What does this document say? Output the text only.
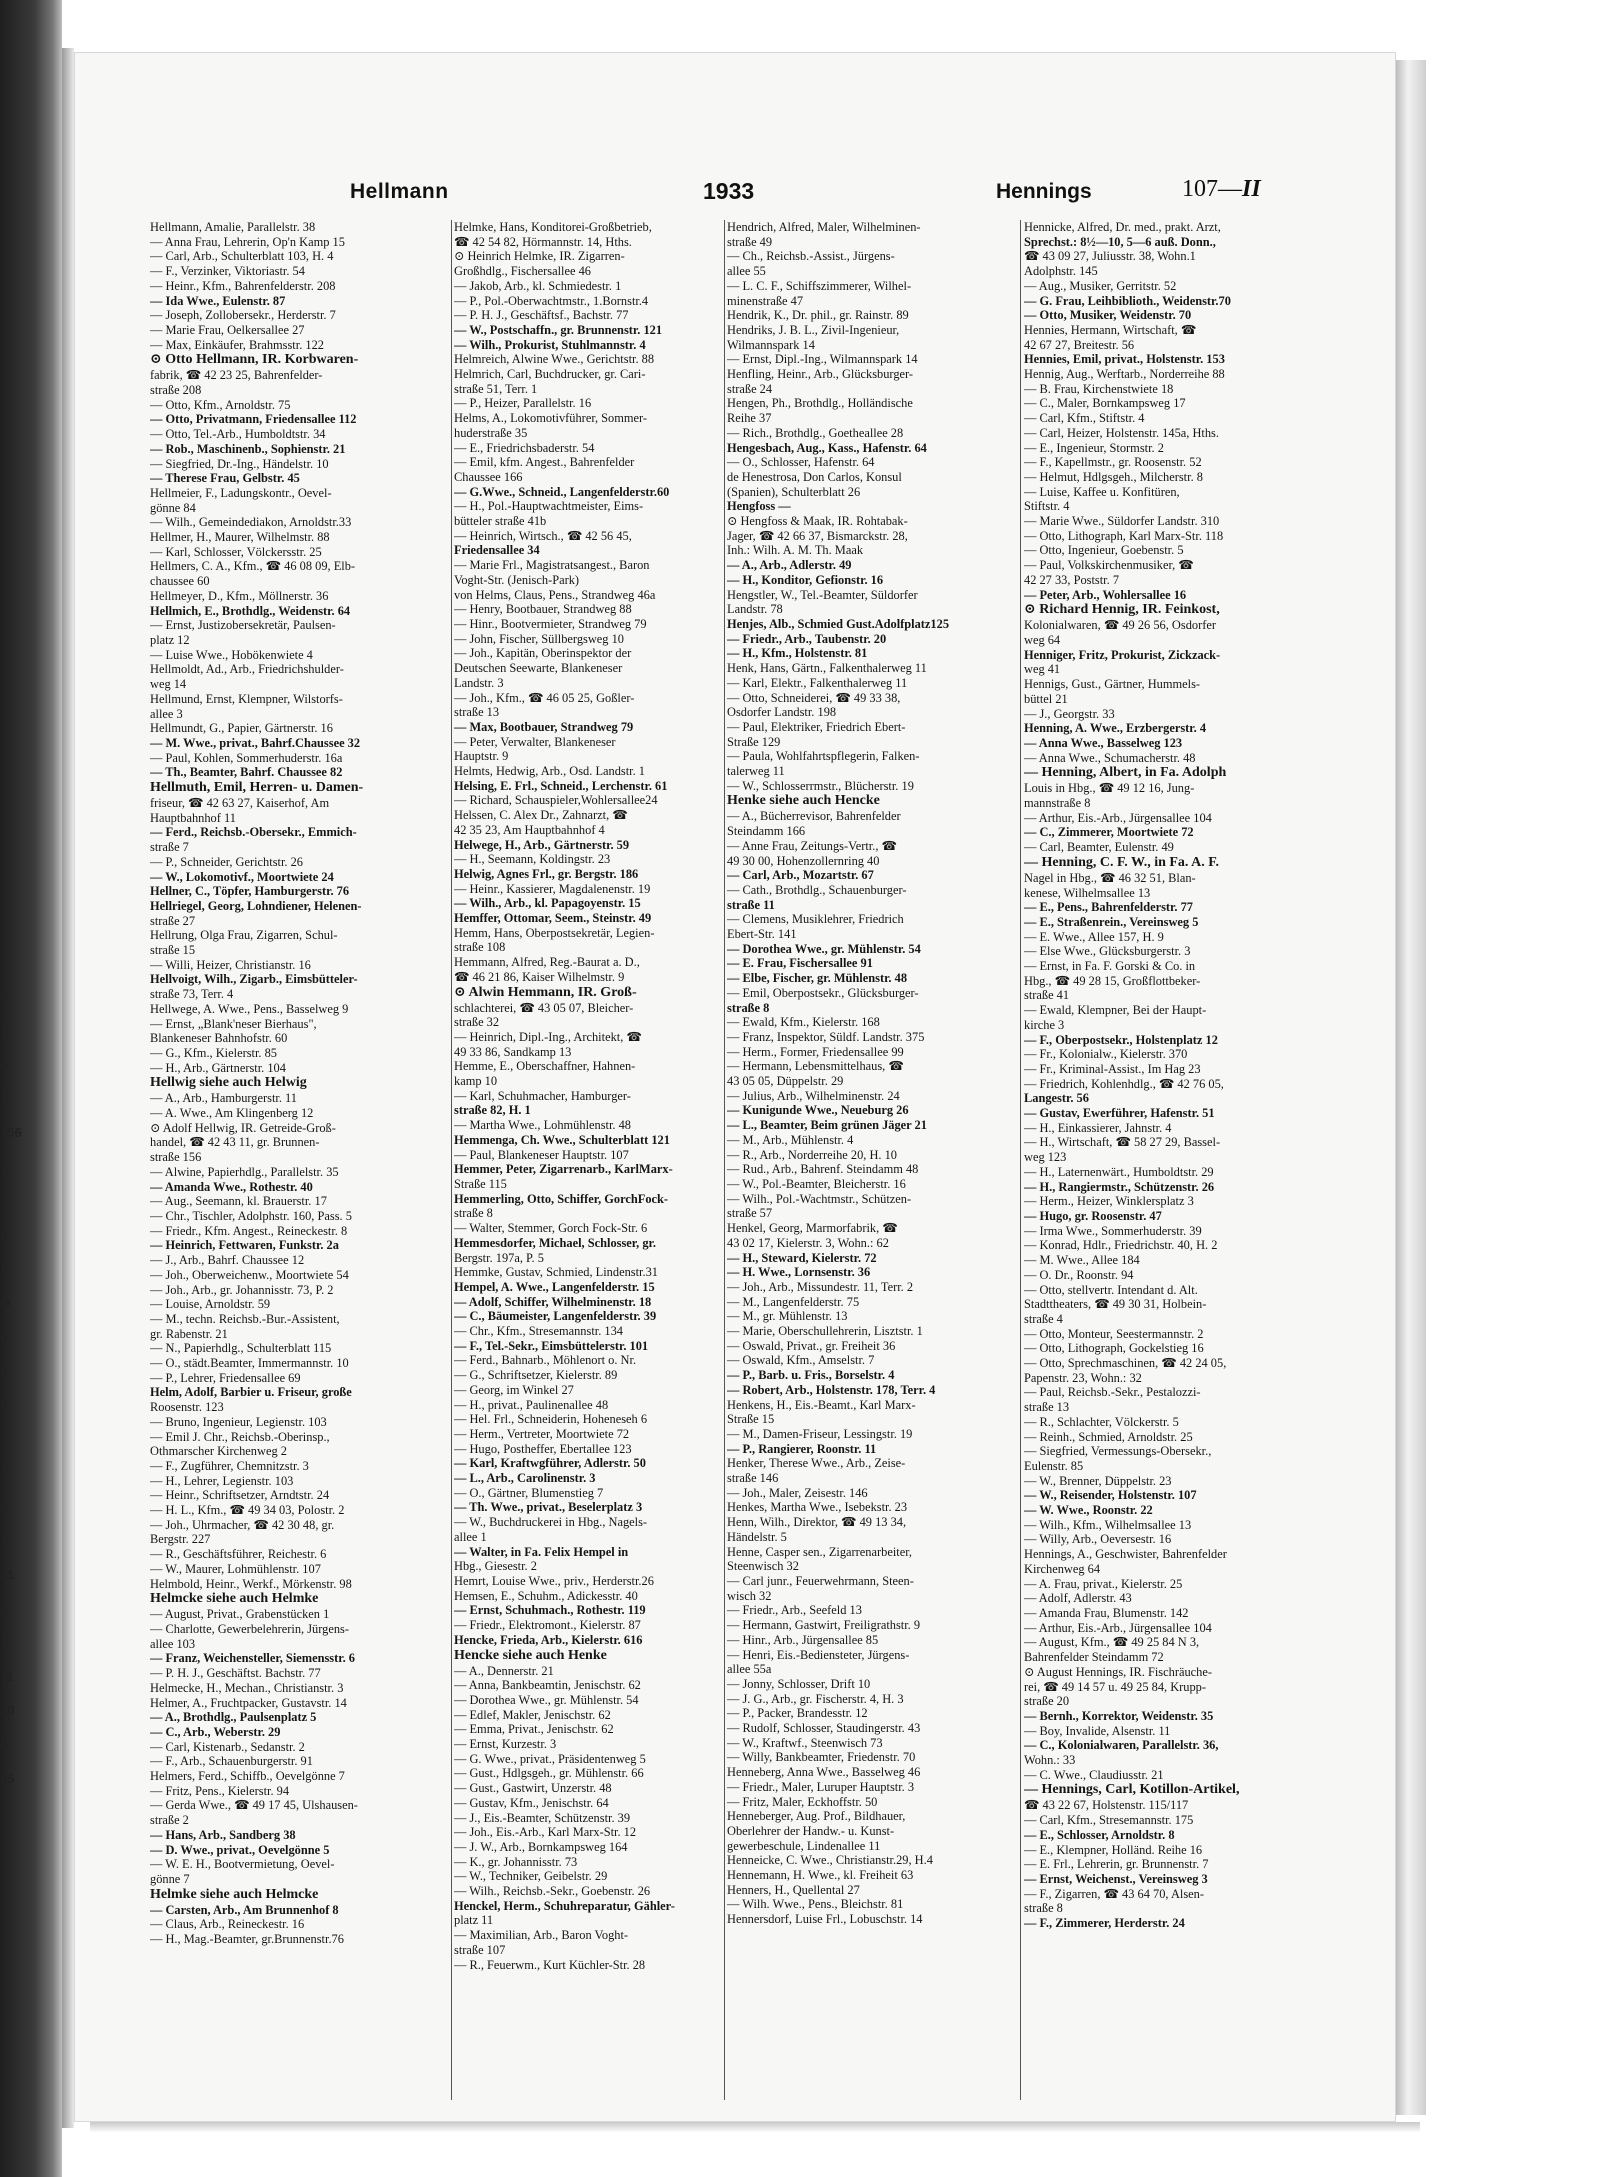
3
1
6
1
156
7
5
8
1
ie
c
5
5
1
1
3
1
31
a
1
11
20
8
85
Hellmann	1933	Hennings	107—II
Hellmann, Amalie, Parallelstr. 38
— Anna Frau, Lehrerin, Op'n Kamp 15
— Carl, Arb., Schulterblatt 103, H. 4
— F., Verzinker, Viktoriastr. 54
— Heinr., Kfm., Bahrenfelderstr. 208
— Ida Wwe., Eulenstr. 87
— Joseph, Zollobersekr., Herderstr. 7
— Marie Frau, Oelkersallee 27
— Max, Einkäufer, Brahmsstr. 122
⊙ Otto Hellmann, IR. Korbwaren-
fabrik, ☎ 42 23 25, Bahrenfelder-
straße 208
— Otto, Kfm., Arnoldstr. 75
— Otto, Privatmann, Friedensallee 112
— Otto, Tel.-Arb., Humboldtstr. 34
— Rob., Maschinenb., Sophienstr. 21
— Siegfried, Dr.-Ing., Händelstr. 10
— Therese Frau, Gelbstr. 45
Hellmeier, F., Ladungskontr., Oevel-
gönne 84
— Wilh., Gemeindediakon, Arnoldstr.33
Hellmer, H., Maurer, Wilhelmstr. 88
— Karl, Schlosser, Völckersstr. 25
Hellmers, C. A., Kfm., ☎ 46 08 09, Elb-
chaussee 60
Hellmeyer, D., Kfm., Möllnerstr. 36
Hellmich, E., Brothdlg., Weidenstr. 64
— Ernst, Justizobersekretär, Paulsen-
platz 12
— Luise Wwe., Hobökenwiete 4
Hellmoldt, Ad., Arb., Friedrichshulder-
weg 14
Hellmund, Ernst, Klempner, Wilstorfs-
allee 3
Hellmundt, G., Papier, Gärtnerstr. 16
— M. Wwe., privat., Bahrf.Chaussee 32
— Paul, Kohlen, Sommerhuderstr. 16a
— Th., Beamter, Bahrf. Chaussee 82
Hellmuth, Emil, Herren- u. Damen-
friseur, ☎ 42 63 27, Kaiserhof, Am
Hauptbahnhof 11
— Ferd., Reichsb.-Obersekr., Emmich-
straße 7
— P., Schneider, Gerichtstr. 26
— W., Lokomotivf., Moortwiete 24
Hellner, C., Töpfer, Hamburgerstr. 76
Hellriegel, Georg, Lohndiener, Helenen-
straße 27
Hellrung, Olga Frau, Zigarren, Schul-
straße 15
— Willi, Heizer, Christianstr. 16
Hellvoigt, Wilh., Zigarb., Eimsbütteler-
straße 73, Terr. 4
Hellwege, A. Wwe., Pens., Basselweg 9
— Ernst, „Blank'neser Bierhaus",
Blankeneser Bahnhofstr. 60
— G., Kfm., Kielerstr. 85
— H., Arb., Gärtnerstr. 104
Hellwig siehe auch Helwig
— A., Arb., Hamburgerstr. 11
— A. Wwe., Am Klingenberg 12
⊙ Adolf Hellwig, IR. Getreide-Groß-
handel, ☎ 42 43 11, gr. Brunnen-
straße 156
— Alwine, Papierhdlg., Parallelstr. 35
— Amanda Wwe., Rothestr. 40
— Aug., Seemann, kl. Brauerstr. 17
— Chr., Tischler, Adolphstr. 160, Pass. 5
— Friedr., Kfm. Angest., Reineckestr. 8
— Heinrich, Fettwaren, Funkstr. 2a
— J., Arb., Bahrf. Chaussee 12
— Joh., Oberweichenw., Moortwiete 54
— Joh., Arb., gr. Johannisstr. 73, P. 2
— Louise, Arnoldstr. 59
— M., techn. Reichsb.-Bur.-Assistent,
gr. Rabenstr. 21
— N., Papierhdlg., Schulterblatt 115
— O., städt.Beamter, Immermannstr. 10
— P., Lehrer, Friedensallee 69
Helm, Adolf, Barbier u. Friseur, große
Roosenstr. 123
— Bruno, Ingenieur, Legienstr. 103
— Emil J. Chr., Reichsb.-Oberinsp.,
Othmarscher Kirchenweg 2
— F., Zugführer, Chemnitzstr. 3
— H., Lehrer, Legienstr. 103
— Heinr., Schriftsetzer, Arndtstr. 24
— H. L., Kfm., ☎ 49 34 03, Polostr. 2
— Joh., Uhrmacher, ☎ 42 30 48, gr.
Bergstr. 227
— R., Geschäftsführer, Reichestr. 6
— W., Maurer, Lohmühlenstr. 107
Helmbold, Heinr., Werkf., Mörkenstr. 98
Helmcke siehe auch Helmke
— August, Privat., Grabenstücken 1
— Charlotte, Gewerbelehrerin, Jürgens-
allee 103
— Franz, Weichensteller, Siemensstr. 6
— P. H. J., Geschäftst. Bachstr. 77
Helmecke, H., Mechan., Christianstr. 3
Helmer, A., Fruchtpacker, Gustavstr. 14
— A., Brothdlg., Paulsenplatz 5
— C., Arb., Weberstr. 29
— Carl, Kistenarb., Sedanstr. 2
— F., Arb., Schauenburgerstr. 91
Helmers, Ferd., Schiffb., Oevelgönne 7
— Fritz, Pens., Kielerstr. 94
— Gerda Wwe., ☎ 49 17 45, Ulshausen-
straße 2
— Hans, Arb., Sandberg 38
— D. Wwe., privat., Oevelgönne 5
— W. E. H., Bootvermietung, Oevel-
gönne 7
Helmke siehe auch Helmcke
— Carsten, Arb., Am Brunnenhof 8
— Claus, Arb., Reineckestr. 16
— H., Mag.-Beamter, gr.Brunnenstr.76
Helmke, Hans, Konditorei-Großbetrieb,
☎ 42 54 82, Hörmannstr. 14, Hths.
⊙ Heinrich Helmke, IR. Zigarren-
Großhdlg., Fischersallee 46
— Jakob, Arb., kl. Schmiedestr. 1
— P., Pol.-Oberwachtmstr., 1.Bornstr.4
— P. H. J., Geschäftsf., Bachstr. 77
— W., Postschaffn., gr. Brunnenstr. 121
— Wilh., Prokurist, Stuhlmannstr. 4
Helmreich, Alwine Wwe., Gerichtstr. 88
Helmrich, Carl, Buchdrucker, gr. Cari-
straße 51, Terr. 1
— P., Heizer, Parallelstr. 16
Helms, A., Lokomotivführer, Sommer-
huderstraße 35
— E., Friedrichsbaderstr. 54
— Emil, kfm. Angest., Bahrenfelder
Chaussee 166
— G.Wwe., Schneid., Langenfelderstr.60
— H., Pol.-Hauptwachtmeister, Eims-
bütteler straße 41b
— Heinrich, Wirtsch., ☎ 42 56 45,
Friedensallee 34
— Marie Frl., Magistratsangest., Baron
Voght-Str. (Jenisch-Park)
von Helms, Claus, Pens., Strandweg 46a
— Henry, Bootbauer, Strandweg 88
— Hinr., Bootvermieter, Strandweg 79
— John, Fischer, Süllbergsweg 10
— Joh., Kapitän, Oberinspektor der
Deutschen Seewarte, Blankeneser
Landstr. 3
— Joh., Kfm., ☎ 46 05 25, Goßler-
straße 13
— Max, Bootbauer, Strandweg 79
— Peter, Verwalter, Blankeneser
Hauptstr. 9
Helmts, Hedwig, Arb., Osd. Landstr. 1
Helsing, E. Frl., Schneid., Lerchenstr. 61
— Richard, Schauspieler,Wohlersallee24
Helssen, C. Alex Dr., Zahnarzt, ☎
42 35 23, Am Hauptbahnhof 4
Helwege, H., Arb., Gärtnerstr. 59
— H., Seemann, Koldingstr. 23
Helwig, Agnes Frl., gr. Bergstr. 186
— Heinr., Kassierer, Magdalenenstr. 19
— Wilh., Arb., kl. Papagoyenstr. 15
Hemffer, Ottomar, Seem., Steinstr. 49
Hemm, Hans, Oberpostsekretär, Legien-
straße 108
Hemmann, Alfred, Reg.-Baurat a. D.,
☎ 46 21 86, Kaiser Wilhelmstr. 9
⊙ Alwin Hemmann, IR. Groß-
schlachterei, ☎ 43 05 07, Bleicher-
straße 32
— Heinrich, Dipl.-Ing., Architekt, ☎
49 33 86, Sandkamp 13
Hemme, E., Oberschaffner, Hahnen-
kamp 10
— Karl, Schuhmacher, Hamburger-
straße 82, H. 1
— Martha Wwe., Lohmühlenstr. 48
Hemmenga, Ch. Wwe., Schulterblatt 121
— Paul, Blankeneser Hauptstr. 107
Hemmer, Peter, Zigarrenarb., KarlMarx-
Straße 115
Hemmerling, Otto, Schiffer, GorchFock-
straße 8
— Walter, Stemmer, Gorch Fock-Str. 6
Hemmesdorfer, Michael, Schlosser, gr.
Bergstr. 197a, P. 5
Hemmke, Gustav, Schmied, Lindenstr.31
Hempel, A. Wwe., Langenfelderstr. 15
— Adolf, Schiffer, Wilhelminenstr. 18
— C., Bäumeister, Langenfelderstr. 39
— Chr., Kfm., Stresemannstr. 134
— F., Tel.-Sekr., Eimsbüttelerstr. 101
— Ferd., Bahnarb., Möhlenort o. Nr.
— G., Schriftsetzer, Kielerstr. 89
— Georg, im Winkel 27
— H., privat., Paulinenallee 48
— Hel. Frl., Schneiderin, Hoheneseh 6
— Herm., Vertreter, Moortwiete 72
— Hugo, Postheffer, Ebertallee 123
— Karl, Kraftwgführer, Adlerstr. 50
— L., Arb., Carolinenstr. 3
— O., Gärtner, Blumenstieg 7
— Th. Wwe., privat., Beselerplatz 3
— W., Buchdruckerei in Hbg., Nagels-
allee 1
— Walter, in Fa. Felix Hempel in
Hbg., Giesestr. 2
Hemrt, Louise Wwe., priv., Herderstr.26
Hemsen, E., Schuhm., Adickesstr. 40
— Ernst, Schuhmach., Rothestr. 119
— Friedr., Elektromont., Kielerstr. 87
Hencke, Frieda, Arb., Kielerstr. 616
Hencke siehe auch Henke
— A., Dennerstr. 21
— Anna, Bankbeamtin, Jenischstr. 62
— Dorothea Wwe., gr. Mühlenstr. 54
— Edlef, Makler, Jenischstr. 62
— Emma, Privat., Jenischstr. 62
— Ernst, Kurzestr. 3
— G. Wwe., privat., Präsidentenweg 5
— Gust., Hdlgsgeh., gr. Mühlenstr. 66
— Gust., Gastwirt, Unzerstr. 48
— Gustav, Kfm., Jenischstr. 64
— J., Eis.-Beamter, Schützenstr. 39
— Joh., Eis.-Arb., Karl Marx-Str. 12
— J. W., Arb., Bornkampsweg 164
— K., gr. Johannisstr. 73
— W., Techniker, Geibelstr. 29
— Wilh., Reichsb.-Sekr., Goebenstr. 26
Henckel, Herm., Schuhreparatur, Gähler-
platz 11
— Maximilian, Arb., Baron Voght-
straße 107
— R., Feuerwm., Kurt Küchler-Str. 28
Hendrich, Alfred, Maler, Wilhelminen-
straße 49
— Ch., Reichsb.-Assist., Jürgens-
allee 55
— L. C. F., Schiffszimmerer, Wilhel-
minenstraße 47
Hendrik, K., Dr. phil., gr. Rainstr. 89
Hendriks, J. B. L., Zivil-Ingenieur,
Wilmannspark 14
— Ernst, Dipl.-Ing., Wilmannspark 14
Henfling, Heinr., Arb., Glücksburger-
straße 24
Hengen, Ph., Brothdlg., Holländische
Reihe 37
— Rich., Brothdlg., Goetheallee 28
Hengesbach, Aug., Kass., Hafenstr. 64
— O., Schlosser, Hafenstr. 64
de Henestrosa, Don Carlos, Konsul
(Spanien), Schulterblatt 26
Hengfoss —
⊙ Hengfoss & Maak, IR. Rohtabak-
Jager, ☎ 42 66 37, Bismarckstr. 28,
Inh.: Wilh. A. M. Th. Maak
— A., Arb., Adlerstr. 49
— H., Konditor, Gefionstr. 16
Hengstler, W., Tel.-Beamter, Süldorfer
Landstr. 78
Henjes, Alb., Schmied Gust.Adolfplatz125
— Friedr., Arb., Taubenstr. 20
— H., Kfm., Holstenstr. 81
Henk, Hans, Gärtn., Falkenthalerweg 11
— Karl, Elektr., Falkenthalerweg 11
— Otto, Schneiderei, ☎ 49 33 38,
Osdorfer Landstr. 198
— Paul, Elektriker, Friedrich Ebert-
Straße 129
— Paula, Wohlfahrtspflegerin, Falken-
talerweg 11
— W., Schlosserrmstr., Blücherstr. 19
Henke siehe auch Hencke
— A., Bücherrevisor, Bahrenfelder
Steindamm 166
— Anne Frau, Zeitungs-Vertr., ☎
49 30 00, Hohenzollernring 40
— Carl, Arb., Mozartstr. 67
— Cath., Brothdlg., Schauenburger-
straße 11
— Clemens, Musiklehrer, Friedrich
Ebert-Str. 141
— Dorothea Wwe., gr. Mühlenstr. 54
— E. Frau, Fischersallee 91
— Elbe, Fischer, gr. Mühlenstr. 48
— Emil, Oberpostsekr., Glücksburger-
straße 8
— Ewald, Kfm., Kielerstr. 168
— Franz, Inspektor, Süldf. Landstr. 375
— Herm., Former, Friedensallee 99
— Hermann, Lebensmittelhaus, ☎
43 05 05, Düppelstr. 29
— Julius, Arb., Wilhelminenstr. 24
— Kunigunde Wwe., Neueburg 26
— L., Beamter, Beim grünen Jäger 21
— M., Arb., Mühlenstr. 4
— R., Arb., Norderreihe 20, H. 10
— Rud., Arb., Bahrenf. Steindamm 48
— W., Pol.-Beamter, Bleicherstr. 16
— Wilh., Pol.-Wachtmstr., Schützen-
straße 57
Henkel, Georg, Marmorfabrik, ☎
43 02 17, Kielerstr. 3, Wohn.: 62
— H., Steward, Kielerstr. 72
— H. Wwe., Lornsenstr. 36
— Joh., Arb., Missundestr. 11, Terr. 2
— M., Langenfelderstr. 75
— M., gr. Mühlenstr. 13
— Marie, Oberschullehrerin, Lisztstr. 1
— Oswald, Privat., gr. Freiheit 36
— Oswald, Kfm., Amselstr. 7
— P., Barb. u. Fris., Borselstr. 4
— Robert, Arb., Holstenstr. 178, Terr. 4
Henkens, H., Eis.-Beamt., Karl Marx-
Straße 15
— M., Damen-Friseur, Lessingstr. 19
— P., Rangierer, Roonstr. 11
Henker, Therese Wwe., Arb., Zeise-
straße 146
— Joh., Maler, Zeisestr. 146
Henkes, Martha Wwe., Isebekstr. 23
Henn, Wilh., Direktor, ☎ 49 13 34,
Händelstr. 5
Henne, Casper sen., Zigarrenarbeiter,
Steenwisch 32
— Carl junr., Feuerwehrmann, Steen-
wisch 32
— Friedr., Arb., Seefeld 13
— Hermann, Gastwirt, Freiligrathstr. 9
— Hinr., Arb., Jürgensallee 85
— Henri, Eis.-Bediensteter, Jürgens-
allee 55a
— Jonny, Schlosser, Drift 10
— J. G., Arb., gr. Fischerstr. 4, H. 3
— P., Packer, Brandesstr. 12
— Rudolf, Schlosser, Staudingerstr. 43
— W., Kraftwf., Steenwisch 73
— Willy, Bankbeamter, Friedenstr. 70
Henneberg, Anna Wwe., Basselweg 46
— Friedr., Maler, Luruper Hauptstr. 3
— Fritz, Maler, Eckhoffstr. 50
Henneberger, Aug. Prof., Bildhauer,
Oberlehrer der Handw.- u. Kunst-
gewerbeschule, Lindenallee 11
Henneicke, C. Wwe., Christianstr.29, H.4
Hennemann, H. Wwe., kl. Freiheit 63
Henners, H., Quellental 27
— Wilh. Wwe., Pens., Bleichstr. 81
Hennersdorf, Luise Frl., Lobuschstr. 14
Hennicke, Alfred, Dr. med., prakt. Arzt,
Sprechst.: 8½—10, 5—6 auß. Donn.,
☎ 43 09 27, Juliusstr. 38, Wohn.1
Adolphstr. 145
— Aug., Musiker, Gerritstr. 52
— G. Frau, Leihbiblioth., Weidenstr.70
— Otto, Musiker, Weidenstr. 70
Hennies, Hermann, Wirtschaft, ☎
42 67 27, Breitestr. 56
Hennies, Emil, privat., Holstenstr. 153
Hennig, Aug., Werftarb., Norderreihe 88
— B. Frau, Kirchenstwiete 18
— C., Maler, Bornkampsweg 17
— Carl, Kfm., Stiftstr. 4
— Carl, Heizer, Holstenstr. 145a, Hths.
— E., Ingenieur, Stormstr. 2
— F., Kapellmstr., gr. Roosenstr. 52
— Helmut, Hdlgsgeh., Milcherstr. 8
— Luise, Kaffee u. Konfitüren,
Stiftstr. 4
— Marie Wwe., Süldorfer Landstr. 310
— Otto, Lithograph, Karl Marx-Str. 118
— Otto, Ingenieur, Goebenstr. 5
— Paul, Volkskirchenmusiker, ☎
42 27 33, Poststr. 7
— Peter, Arb., Wohlersallee 16
⊙ Richard Hennig, IR. Feinkost,
Kolonialwaren, ☎ 49 26 56, Osdorfer
weg 64
Henniger, Fritz, Prokurist, Zickzack-
weg 41
Hennigs, Gust., Gärtner, Hummels-
büttel 21
— J., Georgstr. 33
Henning, A. Wwe., Erzbergerstr. 4
— Anna Wwe., Basselweg 123
— Anna Wwe., Schumacherstr. 48
— Henning, Albert, in Fa. Adolph
Louis in Hbg., ☎ 49 12 16, Jung-
mannstraße 8
— Arthur, Eis.-Arb., Jürgensallee 104
— C., Zimmerer, Moortwiete 72
— Carl, Beamter, Eulenstr. 49
— Henning, C. F. W., in Fa. A. F.
Nagel in Hbg., ☎ 46 32 51, Blan-
kenese, Wilhelmsallee 13
— E., Pens., Bahrenfelderstr. 77
— E., Straßenrein., Vereinsweg 5
— E. Wwe., Allee 157, H. 9
— Else Wwe., Glücksburgerstr. 3
— Ernst, in Fa. F. Gorski & Co. in
Hbg., ☎ 49 28 15, Großflottbeker-
straße 41
— Ewald, Klempner, Bei der Haupt-
kirche 3
— F., Oberpostsekr., Holstenplatz 12
— Fr., Kolonialw., Kielerstr. 370
— Fr., Kriminal-Assist., Im Hag 23
— Friedrich, Kohlenhdlg., ☎ 42 76 05,
Langestr. 56
— Gustav, Ewerführer, Hafenstr. 51
— H., Einkassierer, Jahnstr. 4
— H., Wirtschaft, ☎ 58 27 29, Bassel-
weg 123
— H., Laternenwärt., Humboldtstr. 29
— H., Rangiermstr., Schützenstr. 26
— Herm., Heizer, Winklersplatz 3
— Hugo, gr. Roosenstr. 47
— Irma Wwe., Sommerhuderstr. 39
— Konrad, Hdlr., Friedrichstr. 40, H. 2
— M. Wwe., Allee 184
— O. Dr., Roonstr. 94
— Otto, stellvertr. Intendant d. Alt.
Stadttheaters, ☎ 49 30 31, Holbein-
straße 4
— Otto, Monteur, Seestermannstr. 2
— Otto, Lithograph, Gockelstieg 16
— Otto, Sprechmaschinen, ☎ 42 24 05,
Papenstr. 23, Wohn.: 32
— Paul, Reichsb.-Sekr., Pestalozzi-
straße 13
— R., Schlachter, Völckerstr. 5
— Reinh., Schmied, Arnoldstr. 25
— Siegfried, Vermessungs-Obersekr.,
Eulenstr. 85
— W., Brenner, Düppelstr. 23
— W., Reisender, Holstenstr. 107
— W. Wwe., Roonstr. 22
— Wilh., Kfm., Wilhelmsallee 13
— Willy, Arb., Oeversestr. 16
Hennings, A., Geschwister, Bahrenfelder
Kirchenweg 64
— A. Frau, privat., Kielerstr. 25
— Adolf, Adlerstr. 43
— Amanda Frau, Blumenstr. 142
— Arthur, Eis.-Arb., Jürgensallee 104
— August, Kfm., ☎ 49 25 84 N 3,
Bahrenfelder Steindamm 72
⊙ August Hennings, IR. Fischräuche-
rei, ☎ 49 14 57 u. 49 25 84, Krupp-
straße 20
— Bernh., Korrektor, Weidenstr. 35
— Boy, Invalide, Alsenstr. 11
— C., Kolonialwaren, Parallelstr. 36,
Wohn.: 33
— C. Wwe., Claudiusstr. 21
— Hennings, Carl, Kotillon-Artikel,
☎ 43 22 67, Holstenstr. 115/117
— Carl, Kfm., Stresemannstr. 175
— E., Schlosser, Arnoldstr. 8
— E., Klempner, Holländ. Reihe 16
— E. Frl., Lehrerin, gr. Brunnenstr. 7
— Ernst, Weichenst., Vereinsweg 3
— F., Zigarren, ☎ 43 64 70, Alsen-
straße 8
— F., Zimmerer, Herderstr. 24
